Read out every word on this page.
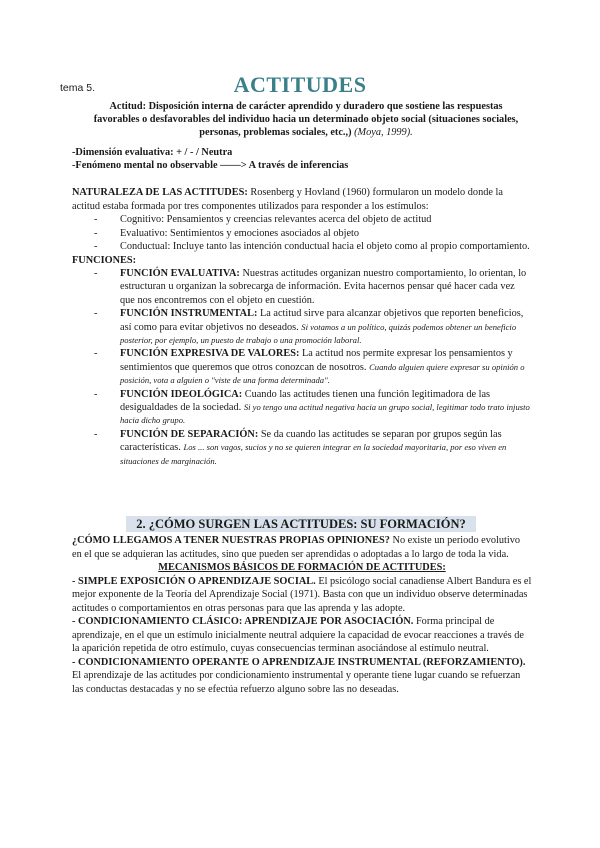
tema 5.	ACTITUDES
Actitud: Disposición interna de carácter aprendido y duradero que sostiene las respuestas favorables o desfavorables del individuo hacia un determinado objeto social (situaciones sociales, personas, problemas sociales, etc.,) (Moya, 1999).
-Dimensión evaluativa: + / - / Neutra
-Fenómeno mental no observable ——> A través de inferencias
NATURALEZA DE LAS ACTITUDES: Rosenberg y Hovland (1960) formularon un modelo donde la actitud estaba formada por tres componentes utilizados para responder a los estímulos:
- Cognitivo: Pensamientos y creencias relevantes acerca del objeto de actitud
- Evaluativo: Sentimientos y emociones asociados al objeto
- Conductual: Incluye tanto las intención conductual hacia el objeto como al propio comportamiento.
FUNCIONES:
- FUNCIÓN EVALUATIVA: Nuestras actitudes organizan nuestro comportamiento, lo orientan, lo estructuran u organizan la sobrecarga de información. Evita hacernos pensar qué hacer cada vez que nos encontremos con el objeto en cuestión.
- FUNCIÓN INSTRUMENTAL: La actitud sirve para alcanzar objetivos que reporten beneficios, así como para evitar objetivos no deseados. Si votamos a un político, quizás podemos obtener un beneficio posterior, por ejemplo, un puesto de trabajo o una promoción laboral.
- FUNCIÓN EXPRESIVA DE VALORES: La actitud nos permite expresar los pensamientos y sentimientos que queremos que otros conozcan de nosotros. Cuando alguien quiere expresar su opinión o posición, vota a alguien o "viste de una forma determinada".
- FUNCIÓN IDEOLÓGICA: Cuando las actitudes tienen una función legitimadora de las desigualdades de la sociedad. Si yo tengo una actitud negativa hacia un grupo social, legitimar todo trato injusto hacia dicho grupo.
- FUNCIÓN DE SEPARACIÓN: Se da cuando las actitudes se separan por grupos según las características. Los ... son vagos, sucios y no se quieren integrar en la sociedad mayoritaria, por eso viven en situaciones de marginación.
2. ¿CÓMO SURGEN LAS ACTITUDES: SU FORMACIÓN?
¿CÓMO LLEGAMOS A TENER NUESTRAS PROPIAS OPINIONES? No existe un periodo evolutivo en el que se adquieran las actitudes, sino que pueden ser aprendidas o adoptadas a lo largo de toda la vida.
MECANISMOS BÁSICOS DE FORMACIÓN DE ACTITUDES:
- SIMPLE EXPOSICIÓN O APRENDIZAJE SOCIAL. El psicólogo social canadiense Albert Bandura es el mejor exponente de la Teoría del Aprendizaje Social (1971). Basta con que un individuo observe determinadas actitudes o comportamientos en otras personas para que las aprenda y las adopte.
- CONDICIONAMIENTO CLÁSICO: APRENDIZAJE POR ASOCIACIÓN. Forma principal de aprendizaje, en el que un estímulo inicialmente neutral adquiere la capacidad de evocar reacciones a través de la aparición repetida de otro estímulo, cuyas consecuencias terminan asociándose al estímulo neutral.
- CONDICIONAMIENTO OPERANTE O APRENDIZAJE INSTRUMENTAL (REFORZAMIENTO). El aprendizaje de las actitudes por condicionamiento instrumental y operante tiene lugar cuando se refuerzan las conductas destacadas y no se efectúa refuerzo alguno sobre las no deseadas.
